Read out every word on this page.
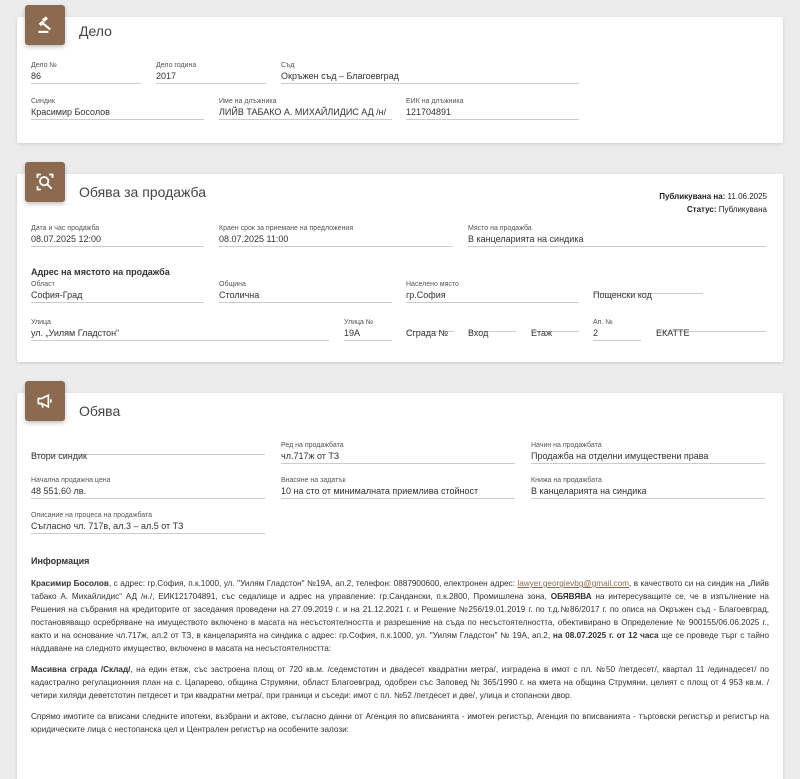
Дело
Дело №
86
Дело година
2017
Съд
Окръжен съд – Благоевград
Синдик
Красимир Босолов
Име на длъжника
ЛИЙВ ТАБАКО А. МИХАЙЛИДИС АД /н/
ЕИК на длъжника
121704891
Обява за продажба	Публикувана на: 11.06.2025
Статус: Публикувана
Дата и час продажба
08.07.2025 12:00
Краен срок за приемане на предложения
08.07.2025 11:00
Място на продажба
В канцеларията на синдика
Адрес на мястото на продажба
Област
София-Град
Община
Столична
Населено място
гр.София	Пощенски код
Улица
ул. „Уилям Гладстон“
Улица №
19А	Сграда №	Вход	Етаж
Ап. №
2	ЕКАТТЕ
Обява
Втори синдик
Ред на продажбата
чл.717ж от ТЗ
Начин на продажбата
Продажба на отделни имуществени права
Начална продажна цена
48 551.60 лв.
Внасяне на задатък
10 на сто от минималната приемлива стойност
Книжа на продажбата
В канцеларията на синдика
Описание на процеса на продажбата
Съгласно чл. 717в, ал.3 – ал.5 от ТЗ
Информация

Красимир Босолов, с адрес: гр.София, п.к.1000, ул. "Уилям Гладстон" №19А, ап.2, телефон: 0887900600, електронен адрес: lawyer.georgievbg@gmail.com, в качеството си на синдик на „Лийв табако А. Михайлидис“ АД /н./, ЕИК121704891, със седалище и адрес на управление: гр.Сандански, п.к.2800, Промишлена зона, ОБЯВЯВА на интересуващите се, че в изпълнение на Решения на събрания на кредиторите от заседания проведени на 27.09.2019 г. и на 21.12.2021 г. и Решение №256/19.01.2019 г. по т.д.№86/2017 г. по описа на Окръжен съд - Благоевград, постановяващо осребряване на имуществото включено в масата на несъстоятелността и разрешение на съда по несъстоятелността, обективирано в Определение № 900155/06.06.2025 г., както и на основание чл.717ж, ал.2 от ТЗ, в канцеларията на синдика с адрес: гр.София, п.к.1000, ул. "Уилям Гладстон" № 19А, ап.2, на 08.07.2025 г. от 12 часа ще се проведе търг с тайно наддаване на следното имущество, включено в масата на несъстоятелността:

Масивна сграда /Склад/, на един етаж, със застроена площ от 720 кв.м. /седемстотин и двадесет квадратни метра/, изградена в имот с пл. №50 /петдесет/, квартал 11 /единадесет/ по кадастрално регулационния план на с. Цапарево, община Струмяни, област Благоевград, одобрен със Заповед № 365/1990 г. на кмета на община Струмяни, целият с площ от 4 953 кв.м. /четири хиляди деветстотин петдесет и три квадратни метра/, при граници и съседи: имот с пл. №52 /петдесет и две/, улица и стопански двор.

Спрямо имотите са вписани следните ипотеки, възбрани и актове, съгласно данни от Агенция по вписванията - имотен регистър, Агенция по вписванията - търговски регистър и регистър на юридическите лица с нестопанска цел и Централен регистър на особените залози:
